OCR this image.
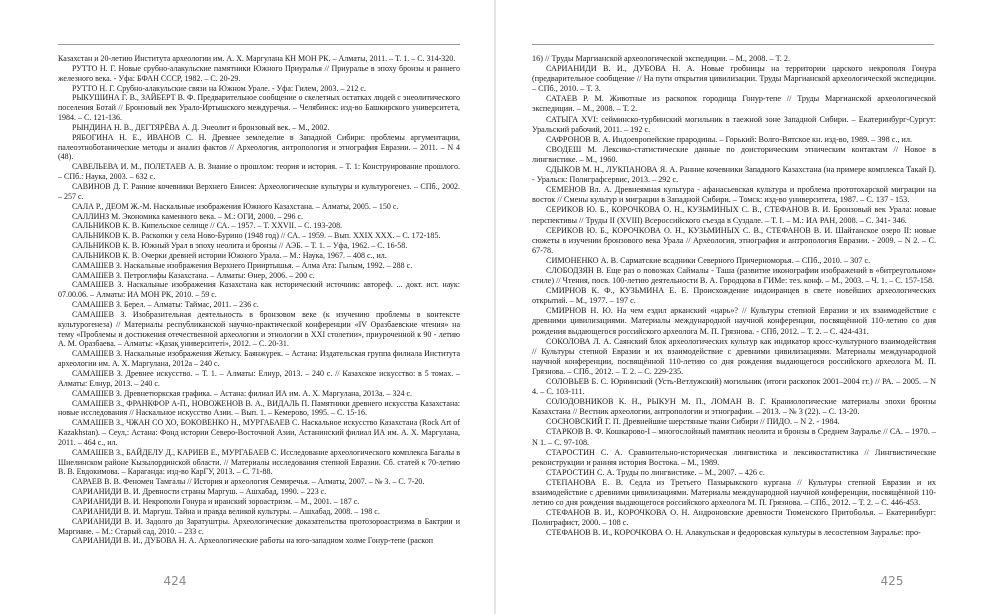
Казахстан и 20-летию Института археологии им. А. Х. Маргулана КН МОН РК. – Алматы, 2011. – Т. 1. – С. 314-320.

РУТТО Н. Г. Новые срубно-алакульские памятники Южного Приуралья // Приуралье в эпоху бронзы и раннего железного века. - Уфа: БФАН СССР, 1982. – С. 20-29.

РУТТО Н. Г. Срубно-алакульские связи на Южном Урале. - Уфа: Гилем, 2003. – 212 с.

РЫКУШИНА Г. В., ЗАЙБЕРТ В. Ф. Предварительное сообщение о скелетных остатках людей с энеолитического поселения Ботай // Бронзовый век Урало-Иртышского междуречья. – Челябинск: изд-во Башкирского университета, 1984. – С. 121-136.

РЫНДИНА Н. В., ДЕГТЯРЁВА А. Д. Энеолит и бронзовый век. – М., 2002.

РЯБОГИНА Н. Е., ИВАНОВ С. Н. Древнее земледелие в Западной Сибири: проблемы аргументации, палеоэтноботанические методы и анализ фактов // Археология, антропология и этнография Евразии. – 2011. – N 4 (48).

САВЕЛЬЕВА И. М., ПОЛЕТАЕВ А. В. Знание о прошлом: теория и история. – Т. 1: Конструирование прошлого. – СПб.: Наука, 2003. – 632 с.

САВИНОВ Д. Г. Ранние кочевники Верхнего Енисея: Археологические культуры и культурогенез. – СПб., 2002. – 257 с.

САЛА Р., ДЕОМ Ж.-М. Наскальные изображения Южного Казахстана. – Алматы, 2005. – 150 с.

САЛЛИНЗ М. Экономика каменного века. – М.: ОГИ, 2000. – 296 с.

САЛЬНИКОВ К. В. Кипельское селище // СА. – 1957. – Т. XXVII. – С. 193-208.

САЛЬНИКОВ К. В. Раскопки у села Новo-Бурино (1948 год) // СА. – 1959. – Вып. XXIX XXX. – С. 172-185.

САЛЬНИКОВ К. В. Южный Урал в эпоху неолита и бронзы // АЭБ. – Т. 1. – Уфа, 1962. – С. 16-58.

САЛЬНИКОВ К. В. Очерки древней истории Южного Урала. – М.: Наука, 1967. – 408 с., ил.

САМАШЕВ З. Наскальные изображения Верхнего Прииртышья. – Алма Ата: Гылым, 1992. – 288 с.

САМАШЕВ З. Петроглифы Казахстана. – Алматы: Өнер, 2006. – 200 с.

САМАШЕВ З. Наскальные изображения Казахстана как исторический источник: автореф. ... докт. ист. наук: 07.00.06. – Алматы: ИА МОН РК, 2010. – 59 с.

САМАШЕВ З. Берел. – Алматы: Таймас, 2011. – 236 с.

САМАШЕВ З. Изобразительная деятельность в бронзовом веке (к изучению проблемы в контексте культурогенеза) // Материалы республиканской научно-практической конференции «IV Оразбаевские чтения» на тему «Проблемы и достижения отечественной археологии и этнологии в XXI столетии», приуроченной к 90 - летию А. М. Оразбаева. – Алматы: «Қазақ университеті», 2012. – С. 20-31.

САМАШЕВ З. Наскальные изображения Жетысу. Баянжүрек. – Астана: Издательская группа филиала Института археологии им. А. Х. Маргулана, 2012а – 240 с.

САМАШЕВ З. Древнее искусство. – Т. 1. – Алматы: Елнур, 2013. – 240 с. // Казахское искусство: в 5 томах. – Алматы: Елнур, 2013. – 240 с.

САМАШЕВ З. Древнетюркская графика. – Астана: филиал ИА им. А. Х. Маргулана, 2013а. – 324 с.

САМАШЕВ З., ФРАНКФОР А-П., НОВОЖЕНОВ В. А., ВИДАЛЬ П. Памятники древнего искусства Казахстана: новые исследования // Наскальное искусство Азии. – Вып. 1. – Кемерово, 1995. – С. 15-16.

САМАШЕВ З., ЧЖАН СО ХО, БОКОВЕНКО Н., МУРГАБАЕВ С. Наскальное искусство Казахстана (Rock Art of Kazakhstan). – Сеул,: Астана: Фонд истории Северо-Восточной Азии, Астанинский филиал ИА им. А. Х. Маргулана, 2011. – 464 с., ил.

САМАШЕВ З., БАЙДЕЛУ Д., КАРИЕВ Е., МУРГАБАЕВ С. Исследование археологического комплекса Багалы в Шиелинском районе Кызылординской области. // Материалы исследования степной Евразии. Сб. статей к 70-летию В. В. Евдокимова. – Караганда: изд-во КарГУ, 2013. – С. 71-88.

САРАЕВ В. В. Феномен Тамгалы // История и археология Семиречья. – Алматы, 2007. – № 3. – С. 7-20.

САРИАНИДИ В. И. Древности страны Маргуш. – Ашхабад, 1990. – 223 с.

САРИАНИДИ В. И. Некрополи Гонура и иранский зороастризм. – М., 2001. – 187 с.

САРИАНИДИ В. И. Маргуш. Тайна и правда великой культуры. – Ашхабад, 2008. – 198 с.

САРИАНИДИ В. И. Задолго до Заратуштры. Археологические доказательства протозороастризма в Бактрии и Маргиане. – М.: Старый сад, 2010. – 233 с.

САРИАНИДИ В. И., ДУБОВА Н. А. Археологические работы на юго-западном холме Гонур-тепе (раскоп

424

16) // Труды Маргианской археологической экспедиции. – М., 2008. – Т. 2.

САРИАНИДИ В. И., ДУБОВА Н. А. Новые гробницы на территории царского некрополя Гонура (предварительное сообщение // На пути открытия цивилизации. Труды Маргианской археологической экспедиции. – СПб., 2010. – Т. 3.

САТАЕВ Р. М. Животные из раскопок городища Гонур-тепе // Труды Маргианской археологической экспедиции. – М., 2008. – Т. 2.

САТЫГА XVI: сейминско-турбинский могильник в таежной зоне Западной Сибири. – Екатеринбург-Сургут: Уральский рабочий, 2011. – 192 с.

САФРОНОВ В. А. Индоевропейские прародины. – Горький: Волго-Вятское кн. изд-во, 1989. – 398 с., ил.

СВОДЕШ М. Лексико-статистические данные по доисторическим этническим контактам // Новое в лингвистике. – М., 1960.

СДЫКОВ М. Н., ЛУКПАНОВА Я. А. Ранние кочевники Западного Казахстана (на примере комплекса Такай I). - Уральск: Полиграфсервис, 2013. – 292 с.

СЕМЕНОВ Вл. А. Древнеямная культура - афанасьевская культура и проблема прототохарской миграции на восток // Смены культур и миграции в Западной Сибири. – Томск: изд-во университета, 1987. – С. 137 - 153.

СЕРИКОВ Ю. Б., КОРОЧКОВА О. Н., КУЗЬМИНЫХ С. В., СТЕФАНОВ В. И. Бронзовый век Урала: новые перспективы // Труды II (XVIII) Всероссийского съезда в Суздале. – Т. I. – М.: ИА РАН, 2008. – С. 341- 346.

СЕРИКОВ Ю. Б., КОРОЧКОВА О. Н., КУЗЬМИНЫХ С. В., СТЕФАНОВ В. И. Шайтанское озеро II: новые сюжеты в изучении бронзового века Урала // Археология, этнография и антропология Евразии. - 2009. – N 2. – С. 67-78.

СИМОНЕНКО А. В. Сарматские всадники Северного Причерноморья. – СПб., 2010. – 307 с.

СЛОБОДЗЯН В. Еще раз о повозках Саймалы - Таша (развитие иконографии изображений в «битреугольном» стиле) // Чтения, посв. 100-летию деятельности В. А. Городцова в ГИМе: тез. конф. – М., 2003. – Ч. 1. – С. 157-158.

СМИРНОВ К. Ф., КУЗЬМИНА Е. Е. Происхождение индоиранцев в свете новейших археологических открытий. – М., 1977. – 197 с.

СМИРНОВ Н. Ю. На чем ездил арканский «царь»? // Культуры степной Евразии и их взаимодействие с древними цивилизациями. Материалы международной научной конференции, посвящённой 110-летию со дня рождения выдающегося российского археолога М. П. Грязнова. - СПб, 2012. – Т. 2. – С. 424-431.

СОКОЛОВА Л. А. Саянский блок археологических культур как индикатор кросс-культурного взаимодействия // Культуры степной Евразии и их взаимодействие с древними цивилизациями. Материалы международной научной конференции, посвящённой 110-летию со дня рождения выдающегося российского археолога М. П. Грязнова. – СПб., 2012. – Т. 2. – С. 229-235.

СОЛОВЬЕВ Б. С. Юрнинский (Усть-Ветлужский) могильник (итоги раскопок 2001–2004 гг.) // РА. – 2005. – N 4. – С. 103-111.

СОЛОДОВНИКОВ К. Н., РЫКУН М. П., ЛОМАН В. Г. Краниологические материалы эпохи бронзы Казахстана // Вестник археологии, антропологии и этнографии. – 2013. – № 3 (22). – С. 13-20.

СОСНОВСКИЙ Г. П. Древнейшие шерстяные ткани Сибири // ПИДО. – N 2. - 1984.

СТАРКОВ В. Ф. Кошкарово-I – многослойный памятник неолита и бронзы в Среднем Зауралье // СА. – 1970. – N 1. – С. 97-108.

СТАРОСТИН С. А. Сравнительно-историческая лингвистика и лексикостатистика // Лингвистические реконструкции и ранняя история Востока. – М., 1989.

СТАРОСТИН С. А. Труды по лингвистике. – М., 2007. – 426 с.

СТЕПАНОВА Е. В. Седла из Третьего Пазырыкского кургана // Культуры степной Евразии и их взаимодействие с древними цивилизациями. Материалы международной научной конференции, посвящённой 110-летию со дня рождения выдающегося российского археолога М. П. Грязнова. – СПб., 2012. – Т. 2. – С. 446-453.

СТЕФАНОВ В. И., КОРОЧКОВА О. Н. Андроновские древности Тюменского Притоболья. – Екатеринбург: Полиграфист, 2000. – 108 с.

СТЕФАНОВ В. И., КОРОЧКОВА О. Н. Алакульская и федоровская культуры в лесостепном Зауралье: про-

425
